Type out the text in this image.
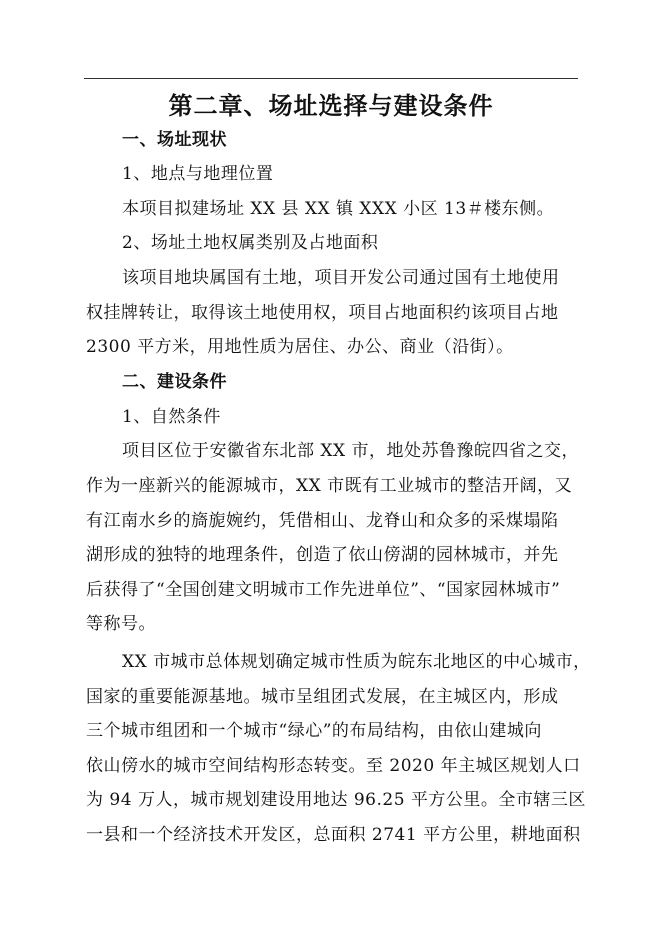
第二章、场址选择与建设条件
一、场址现状
1、地点与地理位置
本项目拟建场址 XX 县 XX 镇 XXX 小区 13＃楼东侧。
2、场址土地权属类别及占地面积
该项目地块属国有土地，项目开发公司通过国有土地使用
权挂牌转让，取得该土地使用权，项目占地面积约该项目占地
2300 平方米，用地性质为居住、办公、商业（沿街）。
二、建设条件
1、自然条件
项目区位于安徽省东北部 XX 市，地处苏鲁豫皖四省之交，
作为一座新兴的能源城市，XX 市既有工业城市的整洁开阔，又
有江南水乡的旖旎婉约，凭借相山、龙脊山和众多的采煤塌陷
湖形成的独特的地理条件，创造了依山傍湖的园林城市，并先
后获得了“全国创建文明城市工作先进单位”、“国家园林城市”
等称号。
XX 市城市总体规划确定城市性质为皖东北地区的中心城市，
国家的重要能源基地。城市呈组团式发展，在主城区内，形成
三个城市组团和一个城市“绿心”的布局结构，由依山建城向
依山傍水的城市空间结构形态转变。至 2020 年主城区规划人口
为 94 万人，城市规划建设用地达 96.25 平方公里。全市辖三区
一县和一个经济技术开发区，总面积 2741 平方公里，耕地面积
